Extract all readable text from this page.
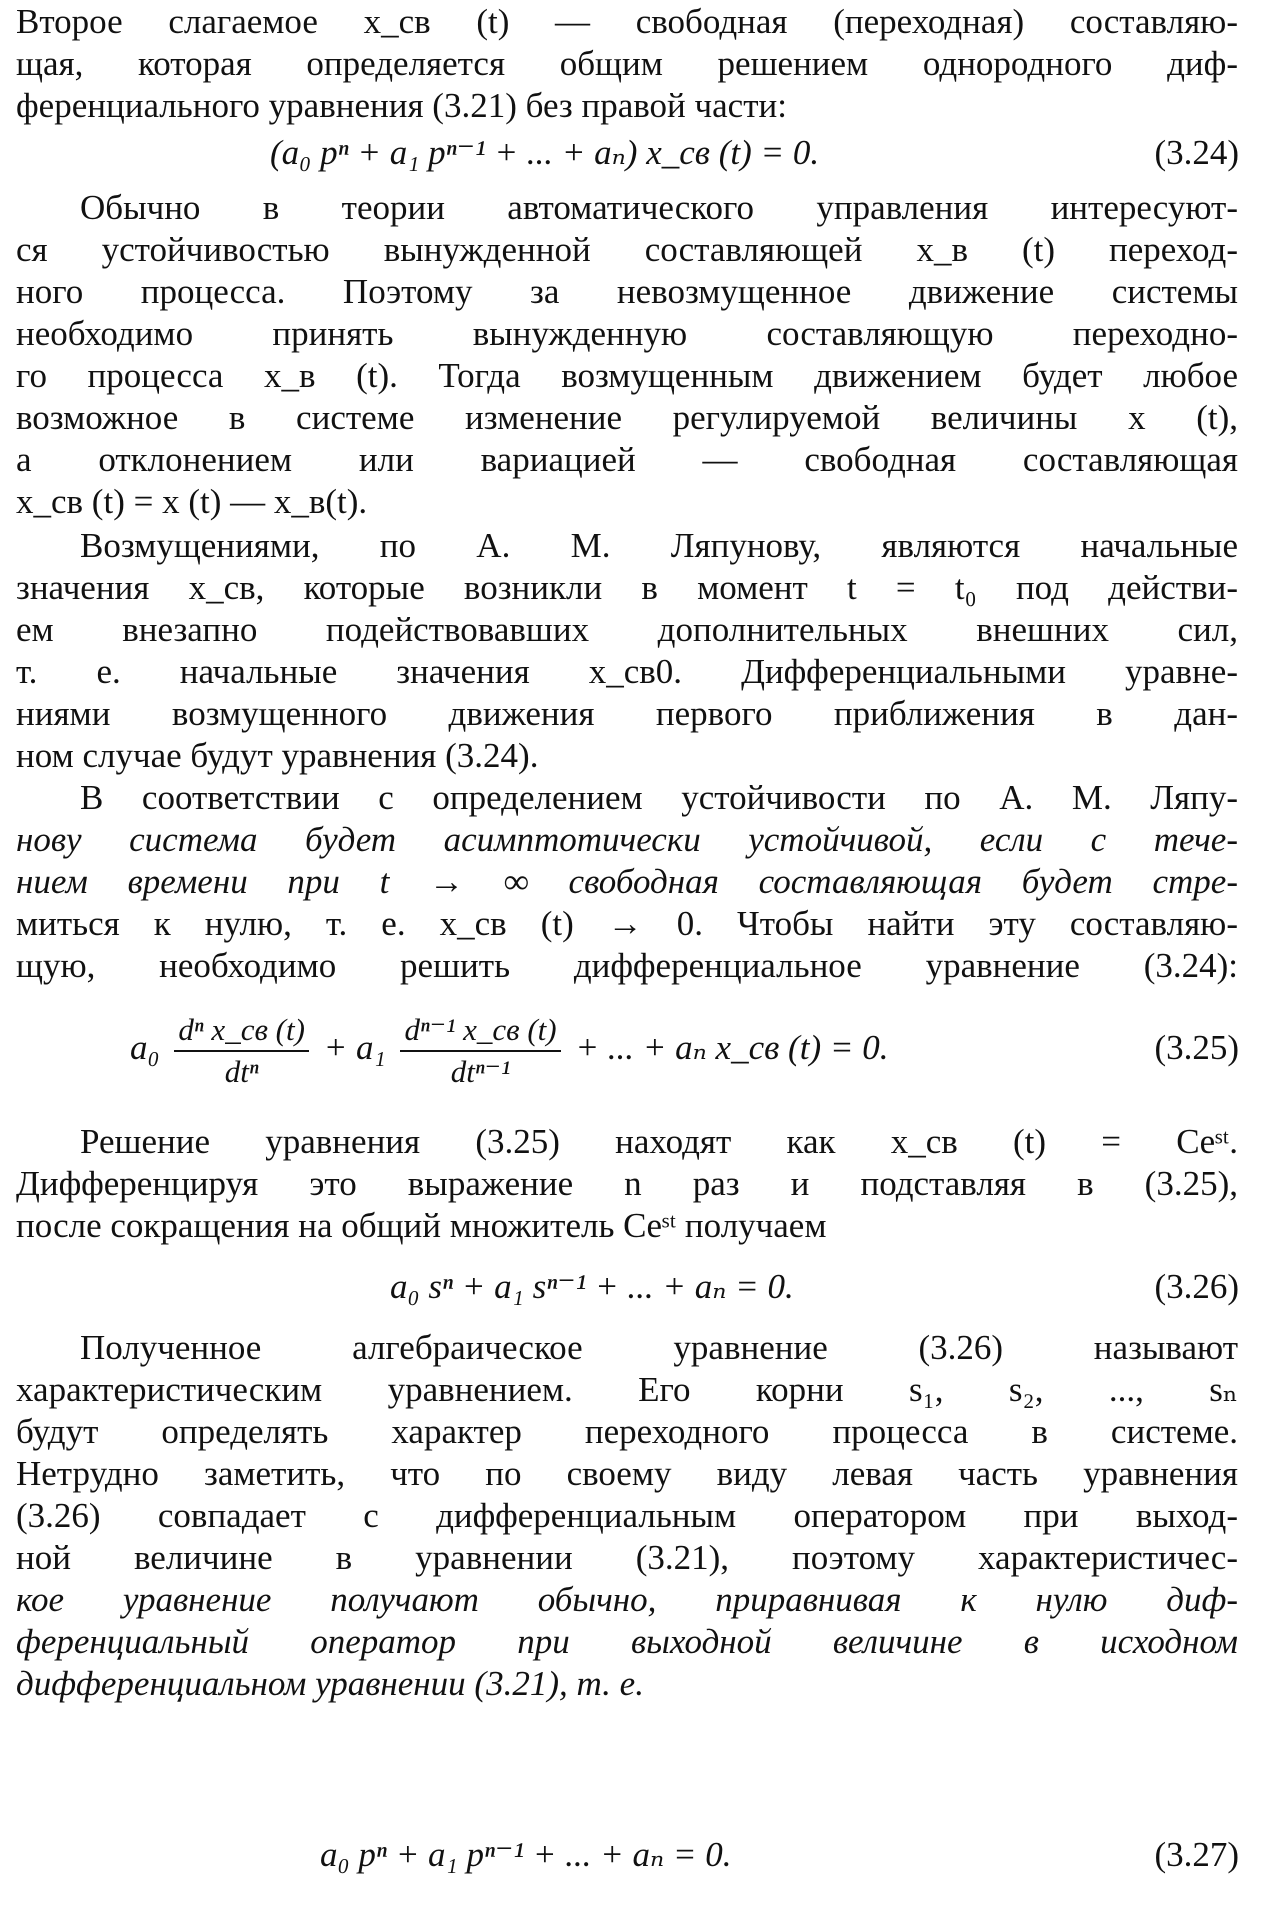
Второе слагаемое x_св (t) — свободная (переходная) составляю-
щая, которая определяется общим решением однородного диф-
ференциального уравнения (3.21) без правой части:
(a₀ pⁿ + a₁ pⁿ⁻¹ + ... + aₙ) x_св (t) = 0.	(3.24)
Обычно в теории автоматического управления интересуют-
ся устойчивостью вынужденной составляющей x_в (t) переход-
ного процесса. Поэтому за невозмущенное движение системы
необходимо принять вынужденную составляющую переходно-
го процесса x_в (t). Тогда возмущенным движением будет любое
возможное в системе изменение регулируемой величины x (t),
а отклонением или вариацией — свободная составляющая
x_св (t) = x (t) — x_в(t).
Возмущениями, по А. М. Ляпунову, являются начальные
значения x_св, которые возникли в момент t = t₀ под действи-
ем внезапно подействовавших дополнительных внешних сил,
т. е. начальные значения x_св0. Дифференциальными уравне-
ниями возмущенного движения первого приближения в дан-
ном случае будут уравнения (3.24).
В соответствии с определением устойчивости по А. М. Ляпу-
нову система будет асимптотически устойчивой, если с тече-
нием времени при t → ∞ свободная составляющая будет стре-
миться к нулю, т. е. x_св (t) → 0. Чтобы найти эту составляю-
щую, необходимо решить дифференциальное уравнение (3.24):
$a_0 \frac{\text{dⁿ x\_св (t)}}{\text{dtⁿ}} + a_1 \frac{\text{dⁿ⁻¹ x\_св (t)}}{\text{dtⁿ⁻¹}}$ + ... + aₙ x_св (t) = 0.	(3.25)
Решение уравнения (3.25) находят как x_св (t) = Ceˢᵗ.
Дифференцируя это выражение n раз и подставляя в (3.25),
после сокращения на общий множитель Ceˢᵗ получаем
a₀ sⁿ + a₁ sⁿ⁻¹ + ... + aₙ = 0.	(3.26)
Полученное алгебраическое уравнение (3.26) называют
характеристическим уравнением. Его корни s₁, s₂, ..., sₙ
будут определять характер переходного процесса в системе.
Нетрудно заметить, что по своему виду левая часть уравнения
(3.26) совпадает с дифференциальным оператором при выход-
ной величине в уравнении (3.21), поэтому характеристичес-
кое уравнение получают обычно, приравнивая к нулю диф-
ференциальный оператор при выходной величине в исходном
дифференциальном уравнении (3.21), т. е.
a₀ pⁿ + a₁ pⁿ⁻¹ + ... + aₙ = 0.	(3.27)
